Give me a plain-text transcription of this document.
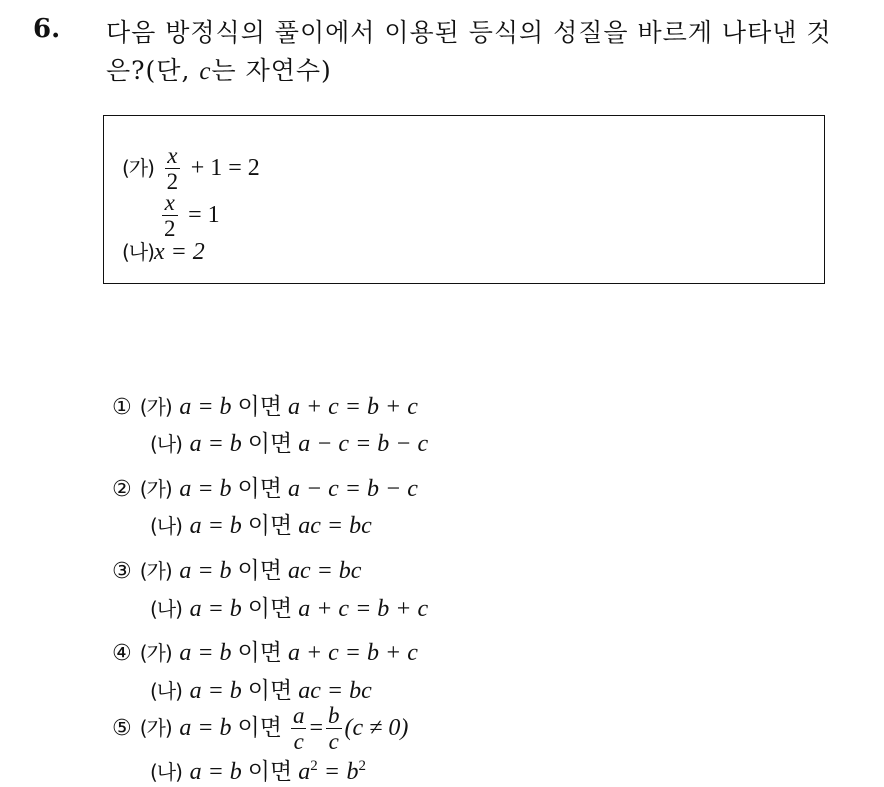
6. 다음 방정식의 풀이에서 이용된 등식의 성질을 바르게 나타낸 것
은?(단, c는 자연수)
(가) $\frac{x}{2} + 1 = 2$
$\frac{x}{2} = 1$
(나)x = 2
① (가) a = b 이면 a + c = b + c
(나) a = b 이면 a − c = b − c
② (가) a = b 이면 a − c = b − c
(나) a = b 이면 ac = bc
③ (가) a = b 이면 ac = bc
(나) a = b 이면 a + c = b + c
④ (가) a = b 이면 a + c = b + c
(나) a = b 이면 ac = bc
⑤ (가) a = b 이면 $\frac{a}{c} = \frac{b}{c} (c \ne 0)$
(나) a = b 이면 $a^2 = b^2$
